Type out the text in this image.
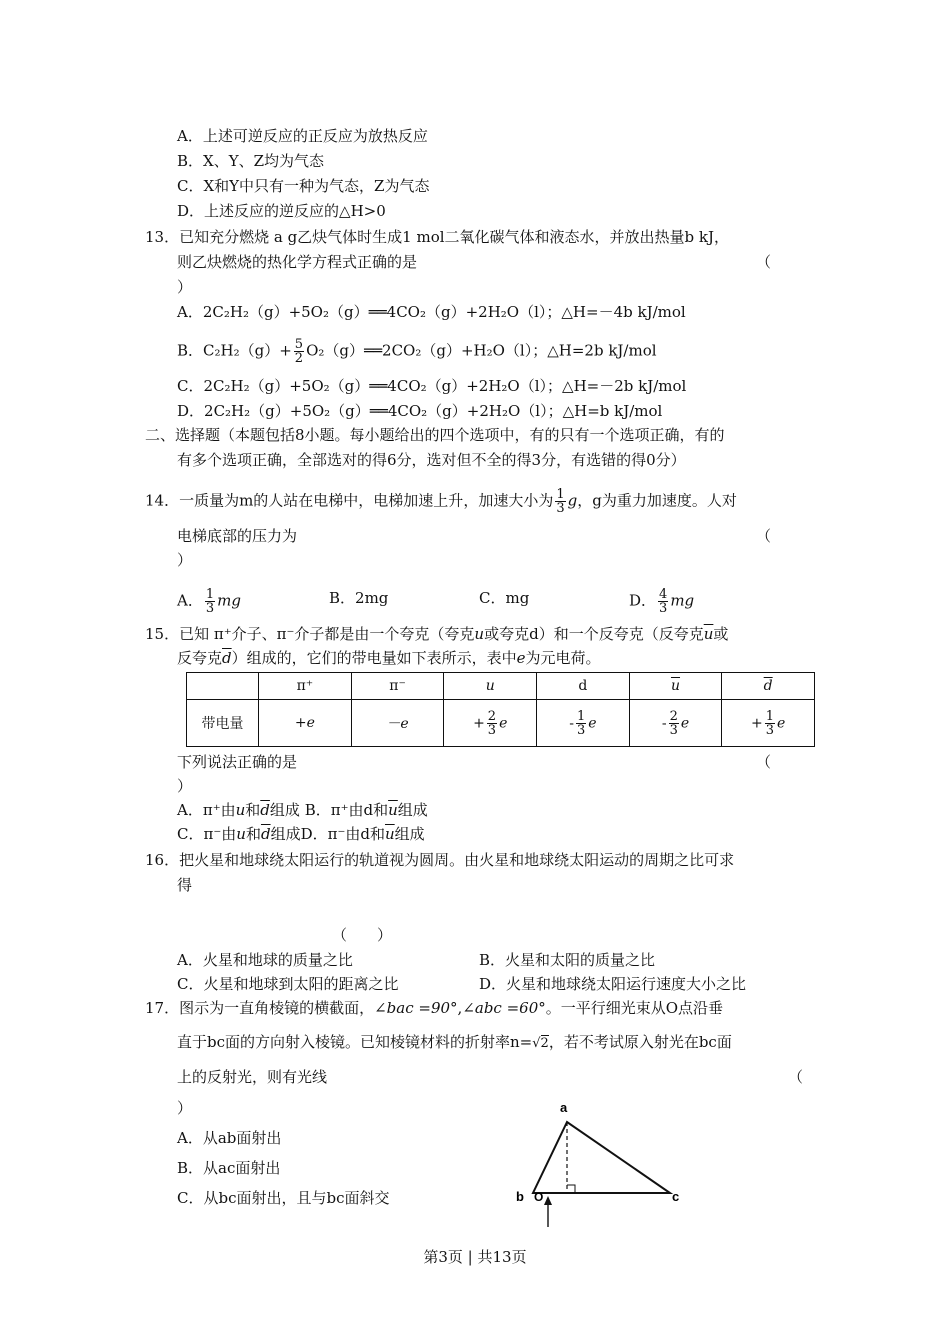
A．上述可逆反应的正反应为放热反应
B．X、Y、Z均为气态
C．X和Y中只有一种为气态，Z为气态
D．上述反应的逆反应的△H>0
13．已知充分燃烧 a g乙炔气体时生成1 mol二氧化碳气体和液态水，并放出热量b kJ，
则乙炔燃烧的热化学方程式正确的是	（
）
A．2C₂H₂（g）+5O₂（g）══4CO₂（g）+2H₂O（l）；△H=－4b kJ/mol
B．$C_2H_2(g)+ \frac{5}{2}$ O₂（g）══2CO₂（g）+H₂O（l）；△H=2b kJ/mol
C．2C₂H₂（g）+5O₂（g）══4CO₂（g）+2H₂O（l）；△H=－2b kJ/mol
D．2C₂H₂（g）+5O₂（g）══4CO₂（g）+2H₂O（l）；△H=b kJ/mol
二、选择题（本题包括8小题。每小题给出的四个选项中，有的只有一个选项正确，有的
有多个选项正确，全部选对的得6分，选对但不全的得3分，有选错的得0分）
14．一质量为m的人站在电梯中，电梯加速上升，加速大小为 $\frac{1}{3}$ g，g为重力加速度。人对
电梯底部的压力为	（
）
A． $\frac{1}{3}$ mg	B．2mg	C．mg	D． $\frac{4}{3}$ mg
15．已知 π⁺介子、π⁻介子都是由一个夸克（夸克u或夸克d）和一个反夸克（反夸克$\overline{u}$或
反夸克$\overline{d}$）组成的，它们的带电量如下表所示，表中e为元电荷。
	π⁺	π⁻	u	d	$\overline{u}$	$\overline{d}$
带电量	+e	－e	+ $\frac{2}{3}$ e	- $\frac{1}{3}$ e	- $\frac{2}{3}$ e	+ $\frac{1}{3}$ e
下列说法正确的是	（
）
A．π⁺由u和$\overline{d}$组成 B．π⁺由d和$\overline{u}$组成
C．π⁻由u和$\overline{d}$组成D．π⁻由d和$\overline{u}$组成
16．把火星和地球绕太阳运行的轨道视为圆周。由火星和地球绕太阳运动的周期之比可求
得
（　　）
A．火星和地球的质量之比	B．火星和太阳的质量之比
C．火星和地球到太阳的距离之比	D．火星和地球绕太阳运行速度大小之比
17．图示为一直角棱镜的横截面，∠bac =90°,∠abc =60°。一平行细光束从O点沿垂
直于bc面的方向射入棱镜。已知棱镜材料的折射率n=√2，若不考试原入射光在bc面
上的反射光，则有光线	（
）
A．从ab面射出
B．从ac面射出
C．从bc面射出，且与bc面斜交
a
b O	c
第3页 | 共13页
